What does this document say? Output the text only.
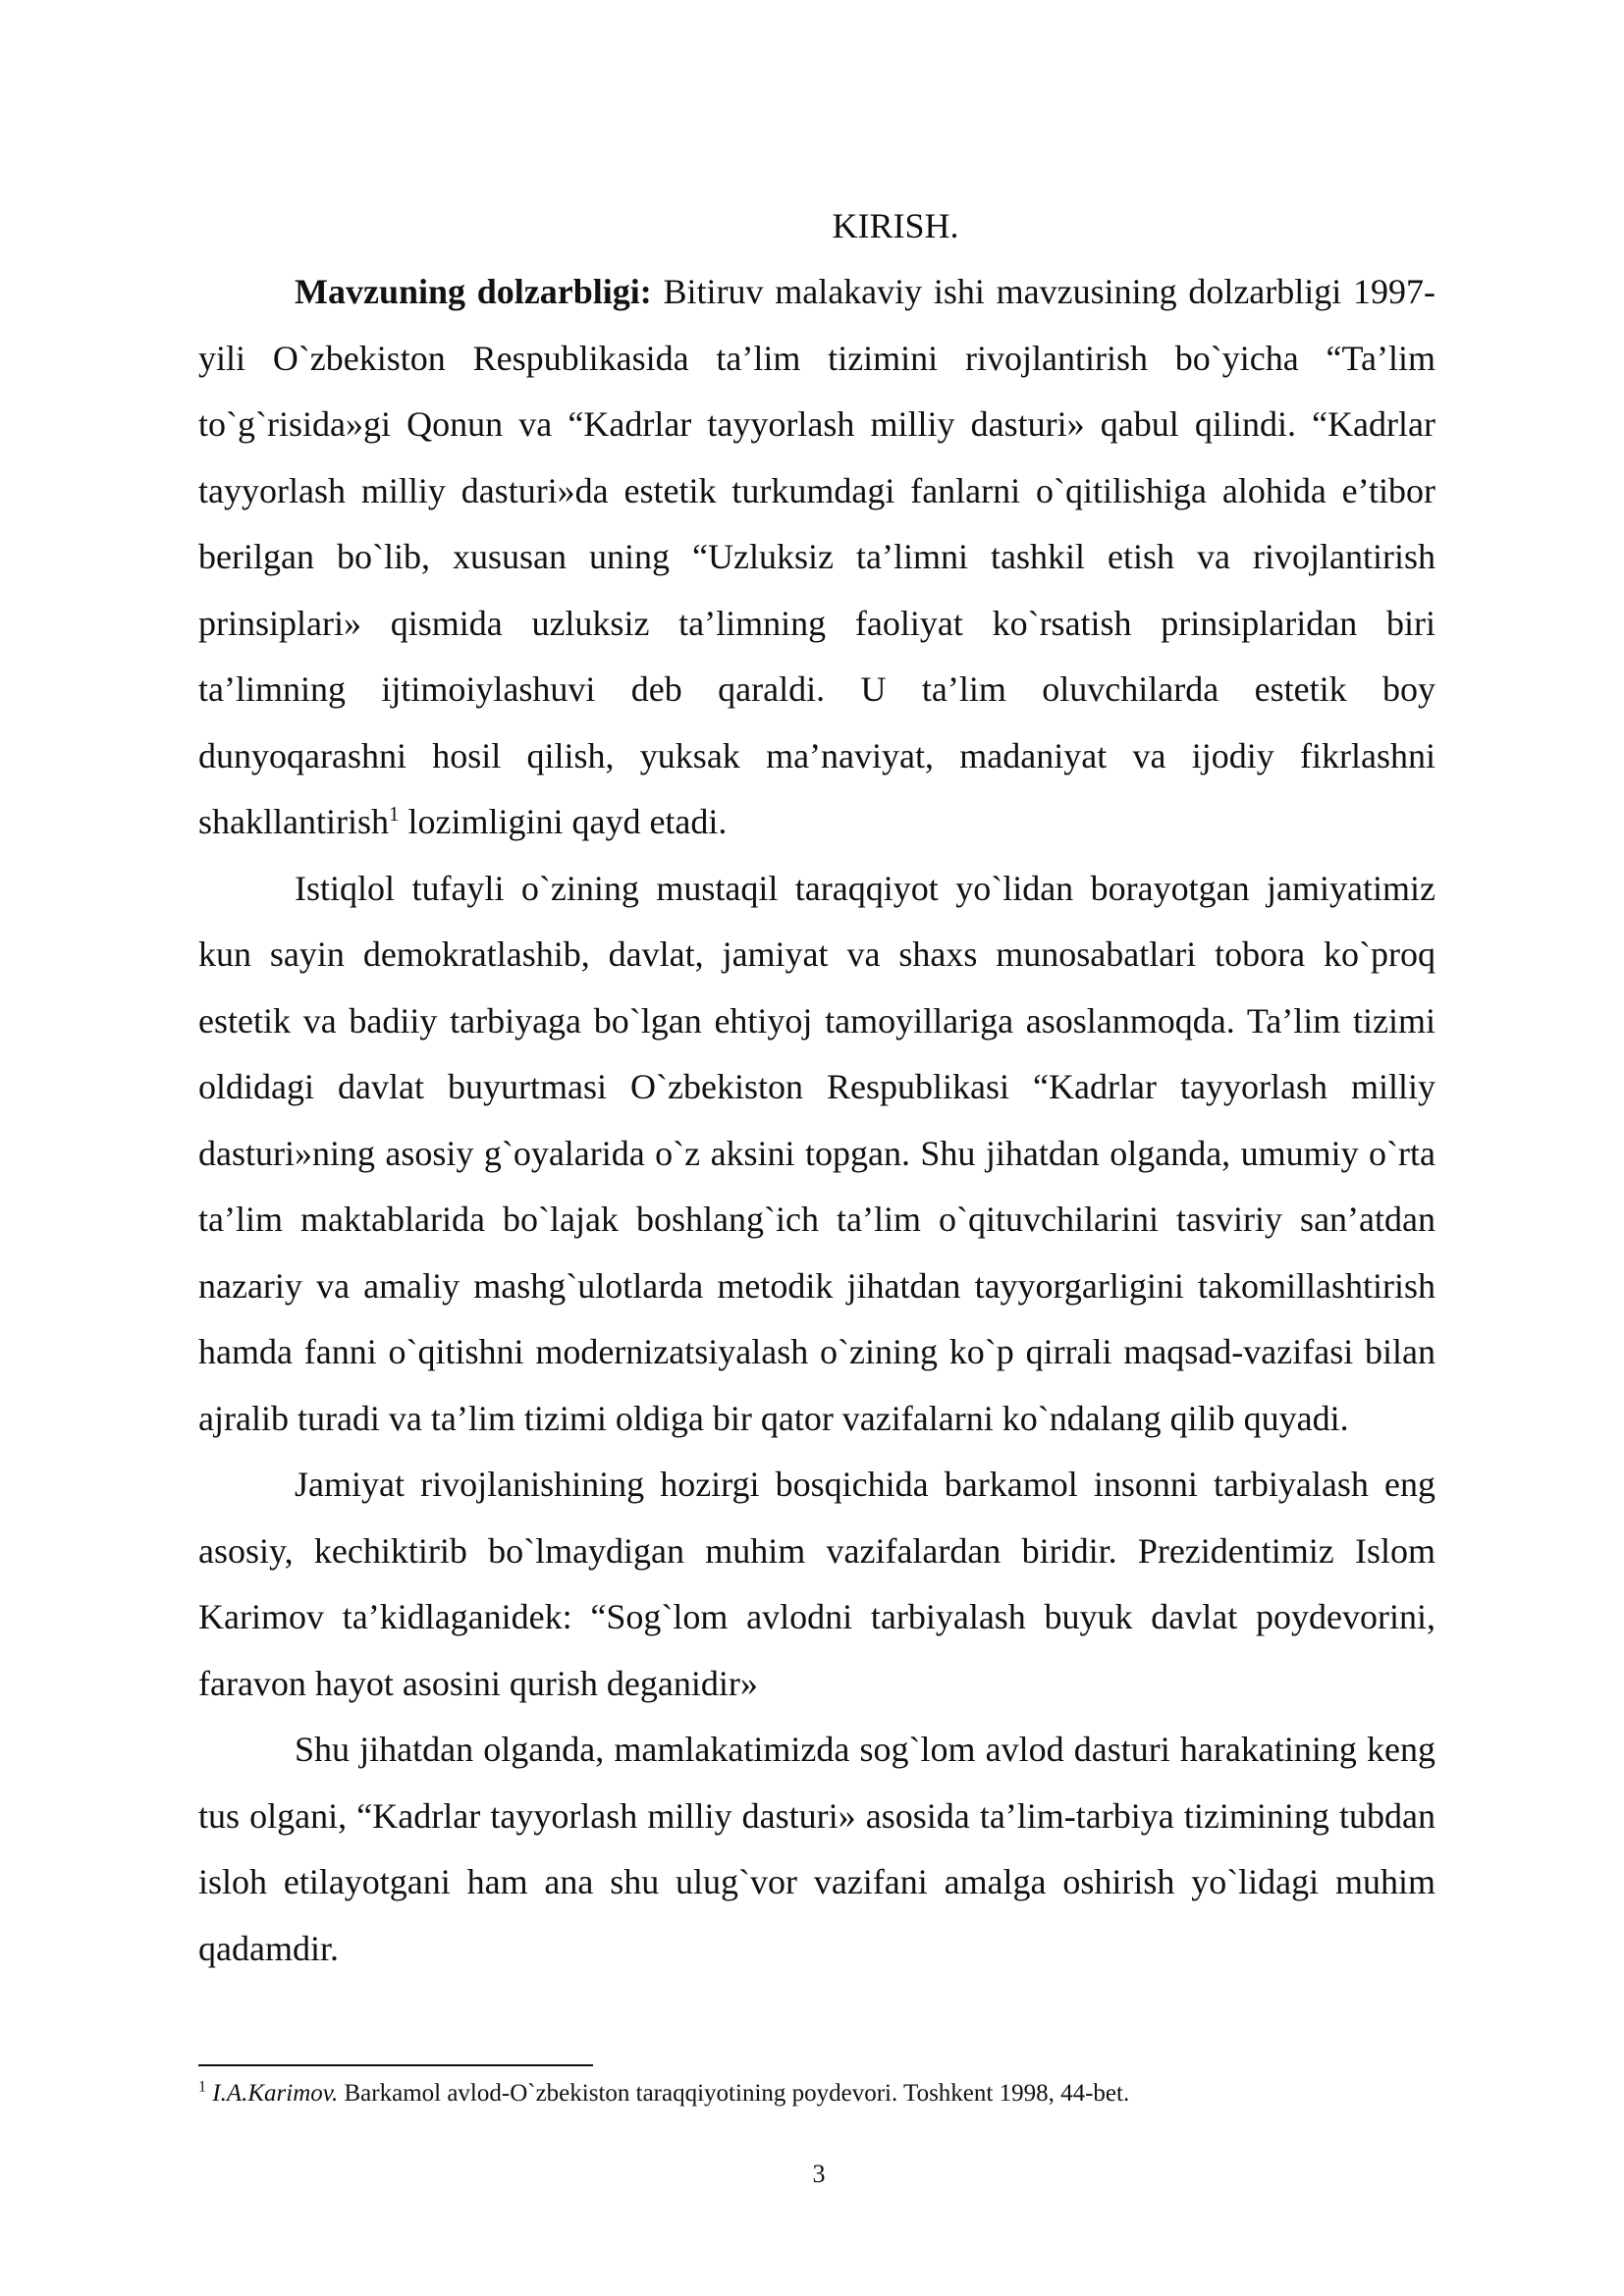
KIRISH.

Mavzuning dolzarbligi: Bitiruv malakaviy ishi mavzusining dolzarbligi 1997-yili O`zbekiston Respublikasida ta’lim tizimini rivojlantirish bo`yicha “Ta’lim to`g`risida»gi Qonun va “Kadrlar tayyorlash milliy dasturi» qabul qilindi. “Kadrlar tayyorlash milliy dasturi»da estetik turkumdagi fanlarni o`qitilishiga alohida e’tibor berilgan bo`lib, xususan uning “Uzluksiz ta’limni tashkil etish va rivojlantirish prinsiplari» qismida uzluksiz ta’limning faoliyat ko`rsatish prinsiplaridan biri ta’limning ijtimoiylashuvi deb qaraldi. U ta’lim oluvchilarda estetik boy dunyoqarashni hosil qilish, yuksak ma’naviyat, madaniyat va ijodiy fikrlashni shakllantirish$^1$ lozimligini qayd etadi.

Istiqlol tufayli o`zining mustaqil taraqqiyot yo`lidan borayotgan jamiyatimiz kun sayin demokratlashib, davlat, jamiyat va shaxs munosabatlari tobora ko`proq estetik va badiiy tarbiyaga bo`lgan ehtiyoj tamoyillariga asoslanmoqda. Ta’lim tizimi oldidagi davlat buyurtmasi O`zbekiston Respublikasi “Kadrlar tayyorlash milliy dasturi»ning asosiy g`oyalarida o`z aksini topgan. Shu jihatdan olganda, umumiy o`rta ta’lim maktablarida bo`lajak boshlang`ich ta’lim o`qituvchilarini tasviriy san’atdan nazariy va amaliy mashg`ulotlarda metodik jihatdan tayyorgarligini takomillashtirish hamda fanni o`qitishni modernizatsiyalash o`zining ko`p qirrali maqsad-vazifasi bilan ajralib turadi va ta’lim tizimi oldiga bir qator vazifalarni ko`ndalang qilib quyadi.

Jamiyat rivojlanishining hozirgi bosqichida barkamol insonni tarbiyalash eng asosiy, kechiktirib bo`lmaydigan muhim vazifalardan biridir. Prezidentimiz Islom Karimov ta’kidlaganidek: “Sog`lom avlodni tarbiyalash buyuk davlat poydevorini, faravon hayot asosini qurish deganidir»

Shu jihatdan olganda, mamlakatimizda sog`lom avlod dasturi harakatining keng tus olgani, “Kadrlar tayyorlash milliy dasturi» asosida ta’lim-tarbiya tizimining tubdan isloh etilayotgani ham ana shu ulug`vor vazifani amalga oshirish yo`lidagi muhim qadamdir.

$^1$ I.A.Karimov. Barkamol avlod-O`zbekiston taraqqiyotining poydevori. Toshkent 1998, 44-bet.

3
